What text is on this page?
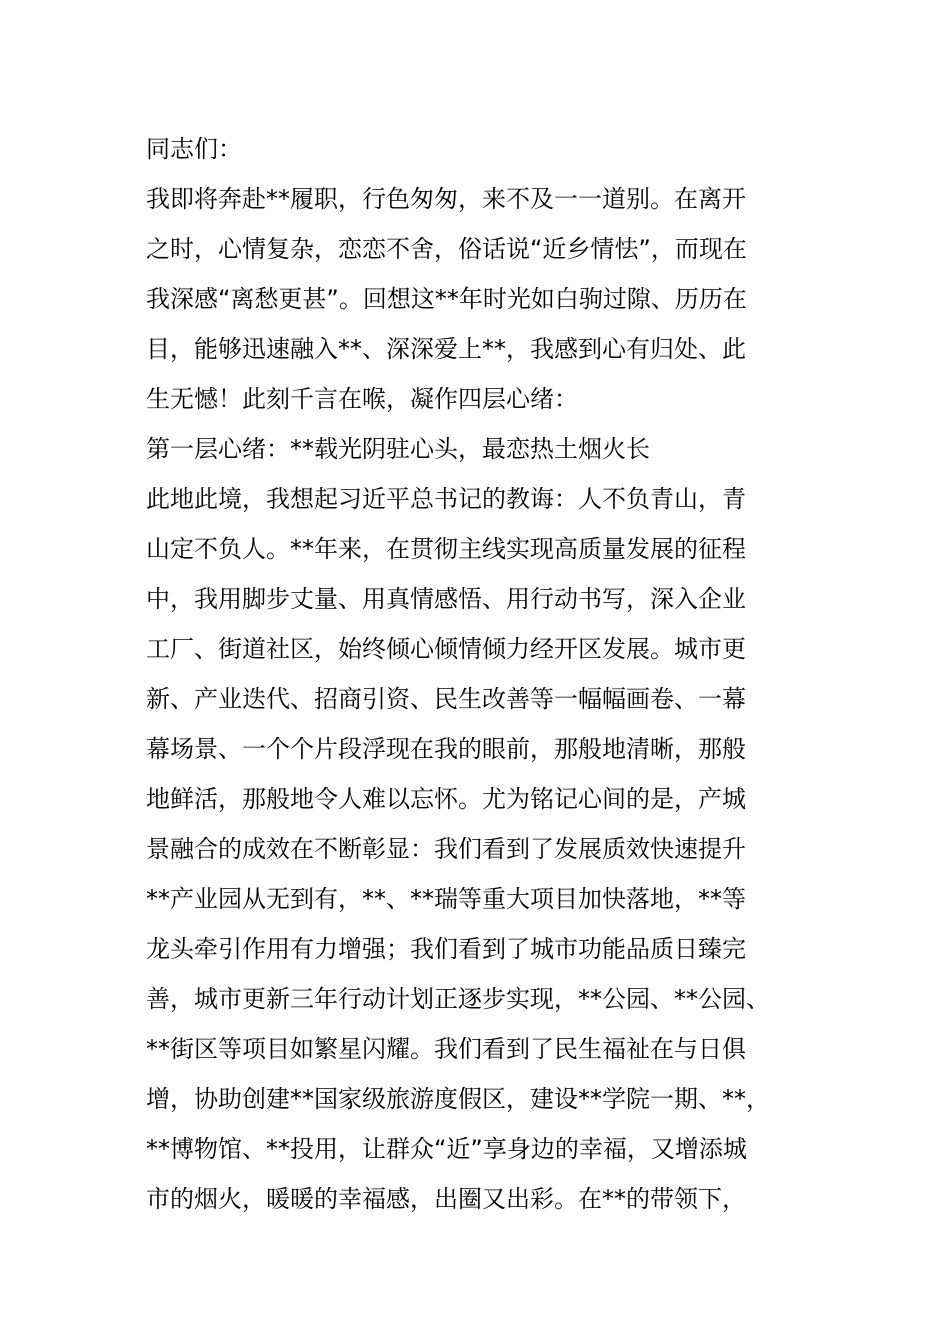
同志们：
我即将奔赴**履职，行色匆匆，来不及一一道别。在离开
之时，心情复杂，恋恋不舍，俗话说“近乡情怯”，而现在
我深感“离愁更甚”。回想这**年时光如白驹过隙、历历在
目，能够迅速融入**、深深爱上**，我感到心有归处、此
生无憾！此刻千言在喉，凝作四层心绪：
第一层心绪：**载光阴驻心头，最恋热土烟火长
此地此境，我想起习近平总书记的教诲：人不负青山，青
山定不负人。**年来，在贯彻主线实现高质量发展的征程
中，我用脚步丈量、用真情感悟、用行动书写，深入企业
工厂、街道社区，始终倾心倾情倾力经开区发展。城市更
新、产业迭代、招商引资、民生改善等一幅幅画卷、一幕
幕场景、一个个片段浮现在我的眼前，那般地清晰，那般
地鲜活，那般地令人难以忘怀。尤为铭记心间的是，产城
景融合的成效在不断彰显：我们看到了发展质效快速提升
**产业园从无到有，**、**瑞等重大项目加快落地，**等
龙头牵引作用有力增强；我们看到了城市功能品质日臻完
善，城市更新三年行动计划正逐步实现，**公园、**公园、
**街区等项目如繁星闪耀。我们看到了民生福祉在与日俱
增，协助创建**国家级旅游度假区，建设**学院一期、**，
**博物馆、**投用，让群众“近”享身边的幸福，又增添城
市的烟火，暖暖的幸福感，出圈又出彩。在**的带领下，
